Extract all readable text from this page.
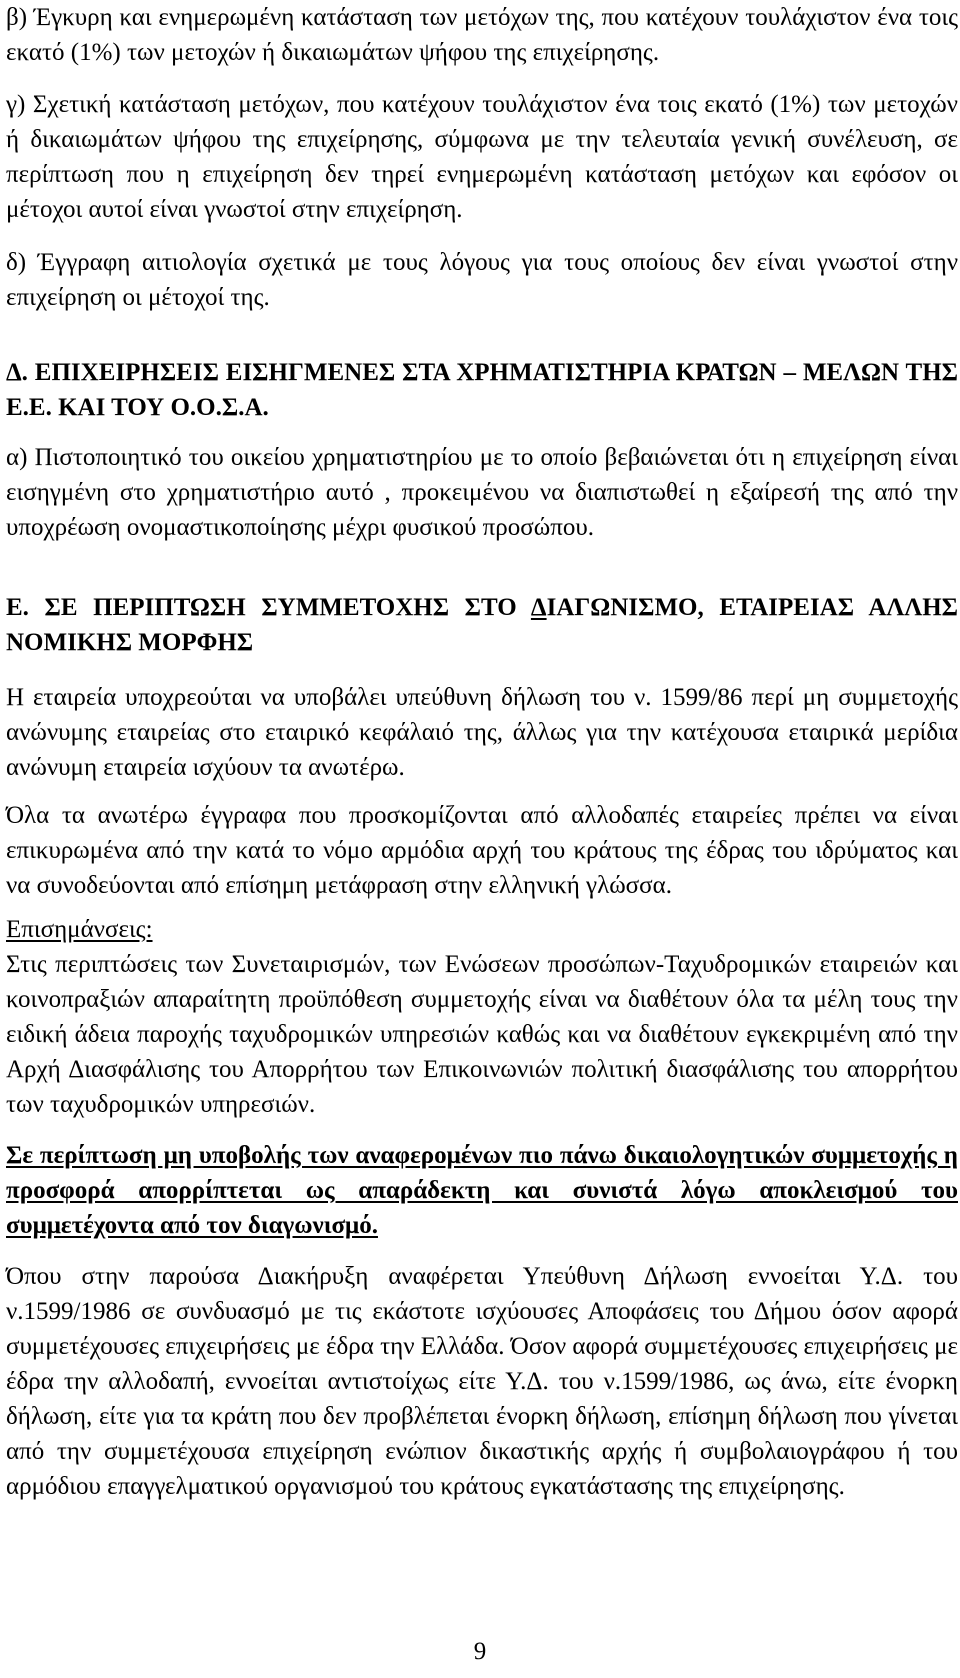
β) Έγκυρη και ενημερωμένη κατάσταση των μετόχων της, που κατέχουν τουλάχιστον ένα τοις εκατό (1%) των μετοχών ή δικαιωμάτων ψήφου της επιχείρησης.

γ) Σχετική κατάσταση μετόχων, που κατέχουν τουλάχιστον ένα τοις εκατό (1%) των μετοχών ή δικαιωμάτων ψήφου της επιχείρησης, σύμφωνα με την τελευταία γενική συνέλευση, σε περίπτωση που η επιχείρηση δεν τηρεί ενημερωμένη κατάσταση μετόχων και εφόσον οι μέτοχοι αυτοί είναι γνωστοί στην επιχείρηση.

δ) Έγγραφη αιτιολογία σχετικά με τους λόγους για τους οποίους δεν είναι γνωστοί στην επιχείρηση οι μέτοχοί της.

Δ. ΕΠΙΧΕΙΡΗΣΕΙΣ ΕΙΣΗΓΜΕΝΕΣ ΣΤΑ ΧΡΗΜΑΤΙΣΤΗΡΙΑ ΚΡΑΤΩΝ – ΜΕΛΩΝ ΤΗΣ Ε.Ε. ΚΑΙ ΤΟΥ Ο.Ο.Σ.Α.

α) Πιστοποιητικό του οικείου χρηματιστηρίου με το οποίο βεβαιώνεται ότι η επιχείρηση είναι εισηγμένη στο χρηματιστήριο αυτό , προκειμένου να διαπιστωθεί η εξαίρεσή της από την υποχρέωση ονομαστικοποίησης μέχρι φυσικού προσώπου.

Ε. ΣΕ ΠΕΡΙΠΤΩΣΗ ΣΥΜΜΕΤΟΧΗΣ ΣΤΟ ΔΙΑΓΩΝΙΣΜΟ, ΕΤΑΙΡΕΙΑΣ ΑΛΛΗΣ ΝΟΜΙΚΗΣ ΜΟΡΦΗΣ

Η εταιρεία υποχρεούται να υποβάλει υπεύθυνη δήλωση του ν. 1599/86 περί μη συμμετοχής ανώνυμης εταιρείας στο εταιρικό κεφάλαιό της, άλλως για την κατέχουσα εταιρικά μερίδια ανώνυμη εταιρεία ισχύουν τα ανωτέρω.

Όλα τα ανωτέρω έγγραφα που προσκομίζονται από αλλοδαπές εταιρείες πρέπει να είναι επικυρωμένα από την κατά το νόμο αρμόδια αρχή του κράτους της έδρας του ιδρύματος και να συνοδεύονται από επίσημη μετάφραση στην ελληνική γλώσσα.

Επισημάνσεις:

Στις περιπτώσεις των Συνεταιρισμών, των Ενώσεων προσώπων-Ταχυδρομικών εταιρειών και κοινοπραξιών απαραίτητη προϋπόθεση συμμετοχής είναι να διαθέτουν όλα τα μέλη τους την ειδική άδεια παροχής ταχυδρομικών υπηρεσιών καθώς και να διαθέτουν εγκεκριμένη από την Αρχή Διασφάλισης του Απορρήτου των Επικοινωνιών πολιτική διασφάλισης του απορρήτου των ταχυδρομικών υπηρεσιών.

Σε περίπτωση μη υποβολής των αναφερομένων πιο πάνω δικαιολογητικών συμμετοχής η προσφορά απορρίπτεται ως απαράδεκτη και συνιστά λόγω αποκλεισμού του συμμετέχοντα από τον διαγωνισμό.

Όπου στην παρούσα Διακήρυξη αναφέρεται Υπεύθυνη Δήλωση εννοείται Υ.Δ. του ν.1599/1986 σε συνδυασμό με τις εκάστοτε ισχύουσες Αποφάσεις του Δήμου όσον αφορά συμμετέχουσες επιχειρήσεις με έδρα την Ελλάδα. Όσον αφορά συμμετέχουσες επιχειρήσεις με έδρα την αλλοδαπή, εννοείται αντιστοίχως είτε Υ.Δ. του ν.1599/1986, ως άνω, είτε ένορκη δήλωση, είτε για τα κράτη που δεν προβλέπεται ένορκη δήλωση, επίσημη δήλωση που γίνεται από την συμμετέχουσα επιχείρηση ενώπιον δικαστικής αρχής ή συμβολαιογράφου ή του αρμόδιου επαγγελματικού οργανισμού του κράτους εγκατάστασης της επιχείρησης.

9
